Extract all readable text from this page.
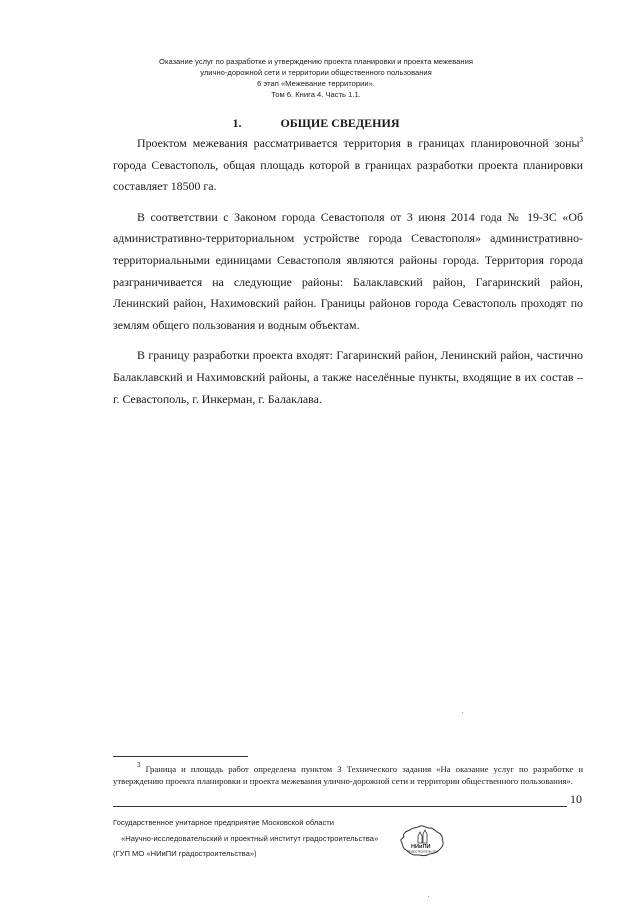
Оказание услуг по разработке и утверждению проекта планировки и проекта межевания
улично-дорожной сети и территории общественного пользования
6 этап «Межевание территории».
Том 6. Книга 4. Часть 1.1.
1.	ОБЩИЕ СВЕДЕНИЯ

Проектом межевания рассматривается территория в границах планировочной зоны$^3$ города Севастополь, общая площадь которой в границах разработки проекта планировки составляет 18500 га.

В соответствии с Законом города Севастополя от 3 июня 2014 года № 19-ЗС «Об административно-территориальном устройстве города Севастополя» административно-территориальными единицами Севастополя являются районы города. Территория города разграничивается на следующие районы: Балаклавский район, Гагаринский район, Ленинский район, Нахимовский район. Границы районов города Севастополь проходят по землям общего пользования и водным объектам.

В границу разработки проекта входят: Гагаринский район, Ленинский район, частично Балаклавский и Нахимовский районы, а также населённые пункты, входящие в их состав – г. Севастополь, г. Инкерман, г. Балаклава.

$^3$ Граница и площадь работ определена пунктом 3 Технического задания «На оказание услуг по разработке и утверждению проекта планировки и проекта межевания улично-дорожной сети и территории общественного пользования».

10
Государственное унитарное предприятие Московской области
«Научно-исследовательский и проектный институт градостроительства»
(ГУП МО «НИиПИ градостроительства»)
НИиПИ
ГРАДОСТРОИТЕЛЬСТВА
